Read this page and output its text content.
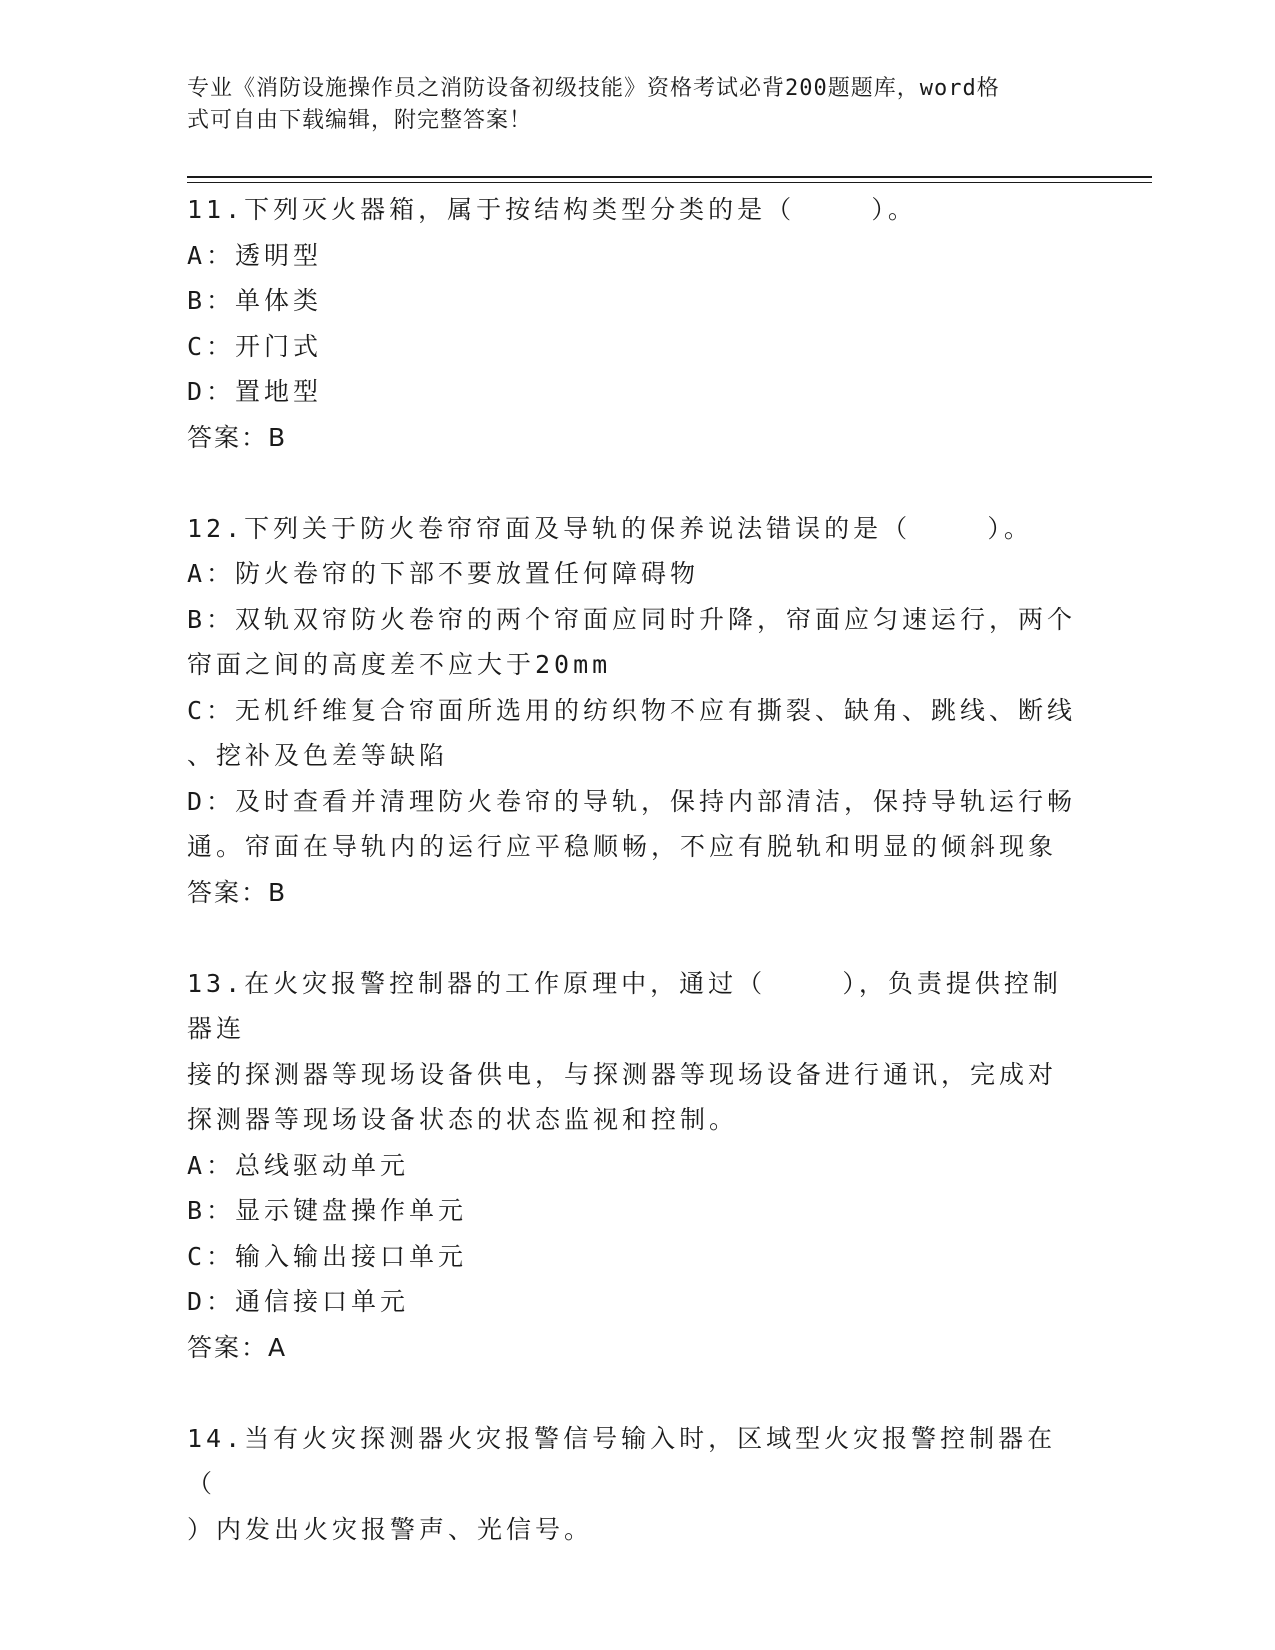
专业《消防设施操作员之消防设备初级技能》资格考试必背200题题库，word格
式可自由下载编辑，附完整答案！
11.下列灭火器箱，属于按结构类型分类的是（    ）。
A：透明型
B：单体类
C：开门式
D：置地型
答案：B
12.下列关于防火卷帘帘面及导轨的保养说法错误的是（    ）。
A：防火卷帘的下部不要放置任何障碍物
B：双轨双帘防火卷帘的两个帘面应同时升降，帘面应匀速运行，两个
帘面之间的高度差不应大于20mm
C：无机纤维复合帘面所选用的纺织物不应有撕裂、缺角、跳线、断线
、挖补及色差等缺陷
D：及时查看并清理防火卷帘的导轨，保持内部清洁，保持导轨运行畅
通。帘面在导轨内的运行应平稳顺畅，不应有脱轨和明显的倾斜现象
答案：B
13.在火灾报警控制器的工作原理中，通过（    ），负责提供控制器连
接的探测器等现场设备供电，与探测器等现场设备进行通讯，完成对
探测器等现场设备状态的状态监视和控制。
A：总线驱动单元
B：显示键盘操作单元
C：输入输出接口单元
D：通信接口单元
答案：A
14.当有火灾探测器火灾报警信号输入时，区域型火灾报警控制器在（
）内发出火灾报警声、光信号。
